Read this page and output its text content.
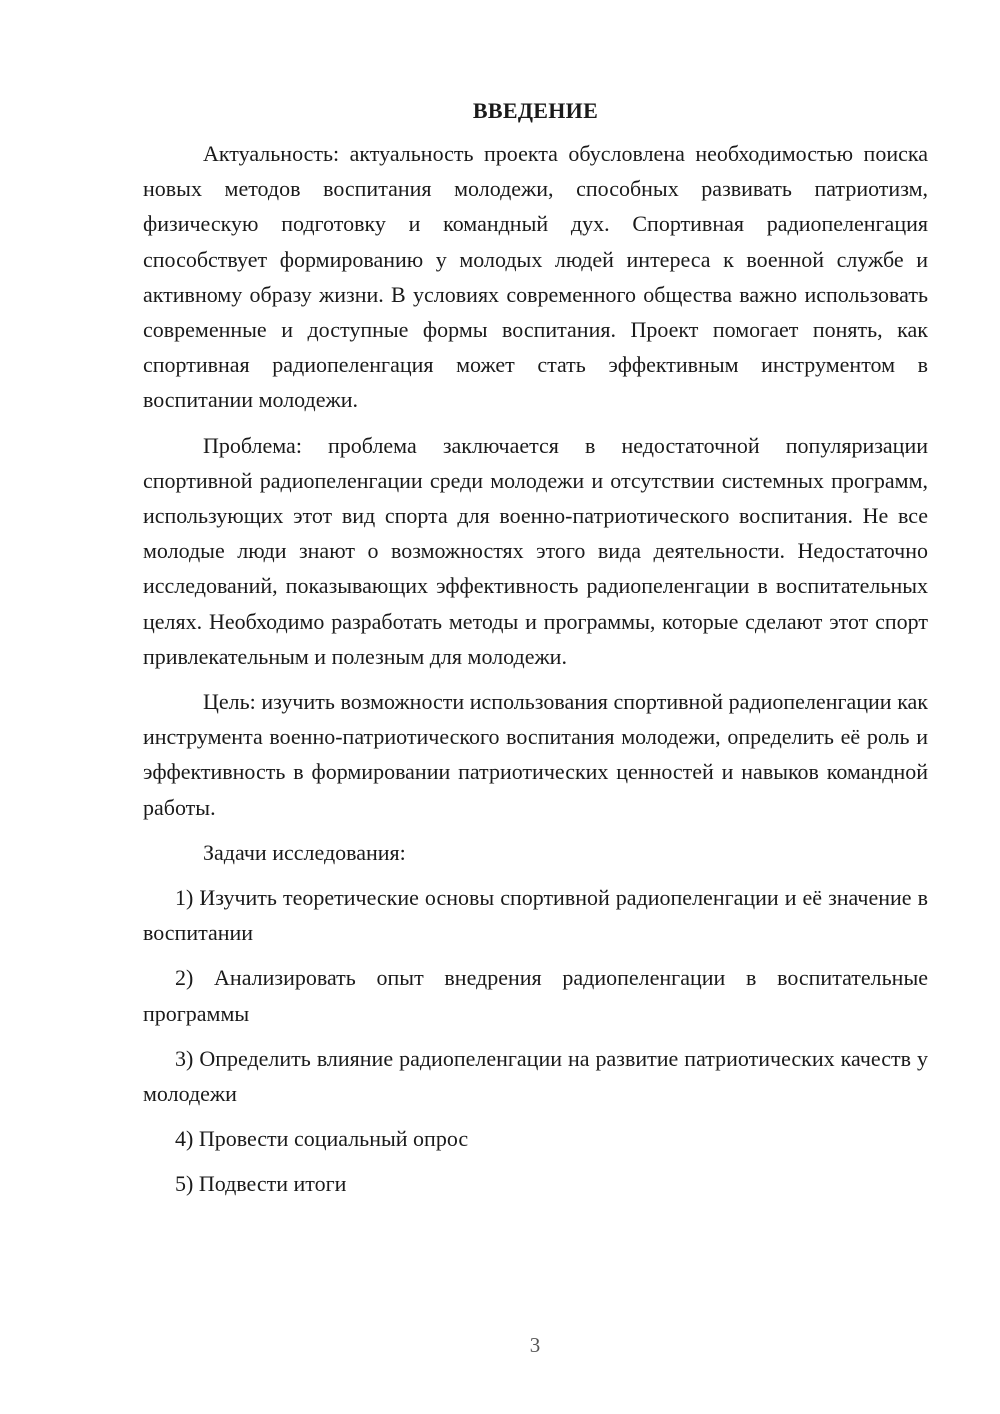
ВВЕДЕНИЕ

Актуальность: актуальность проекта обусловлена необходимостью поиска новых методов воспитания молодежи, способных развивать патриотизм, физическую подготовку и командный дух. Спортивная радиопеленгация способствует формированию у молодых людей интереса к военной службе и активному образу жизни. В условиях современного общества важно использовать современные и доступные формы воспитания. Проект помогает понять, как спортивная радиопеленгация может стать эффективным инструментом в воспитании молодежи.

Проблема: проблема заключается в недостаточной популяризации спортивной радиопеленгации среди молодежи и отсутствии системных программ, использующих этот вид спорта для военно-патриотического воспитания. Не все молодые люди знают о возможностях этого вида деятельности. Недостаточно исследований, показывающих эффективность радиопеленгации в воспитательных целях. Необходимо разработать методы и программы, которые сделают этот спорт привлекательным и полезным для молодежи.

Цель: изучить возможности использования спортивной радиопеленгации как инструмента военно-патриотического воспитания молодежи, определить её роль и эффективность в формировании патриотических ценностей и навыков командной работы.

Задачи исследования:

1) Изучить теоретические основы спортивной радиопеленгации и её значение в воспитании

2) Анализировать опыт внедрения радиопеленгации в воспитательные программы

3) Определить влияние радиопеленгации на развитие патриотических качеств у молодежи

4) Провести социальный опрос

5) Подвести итоги

3
